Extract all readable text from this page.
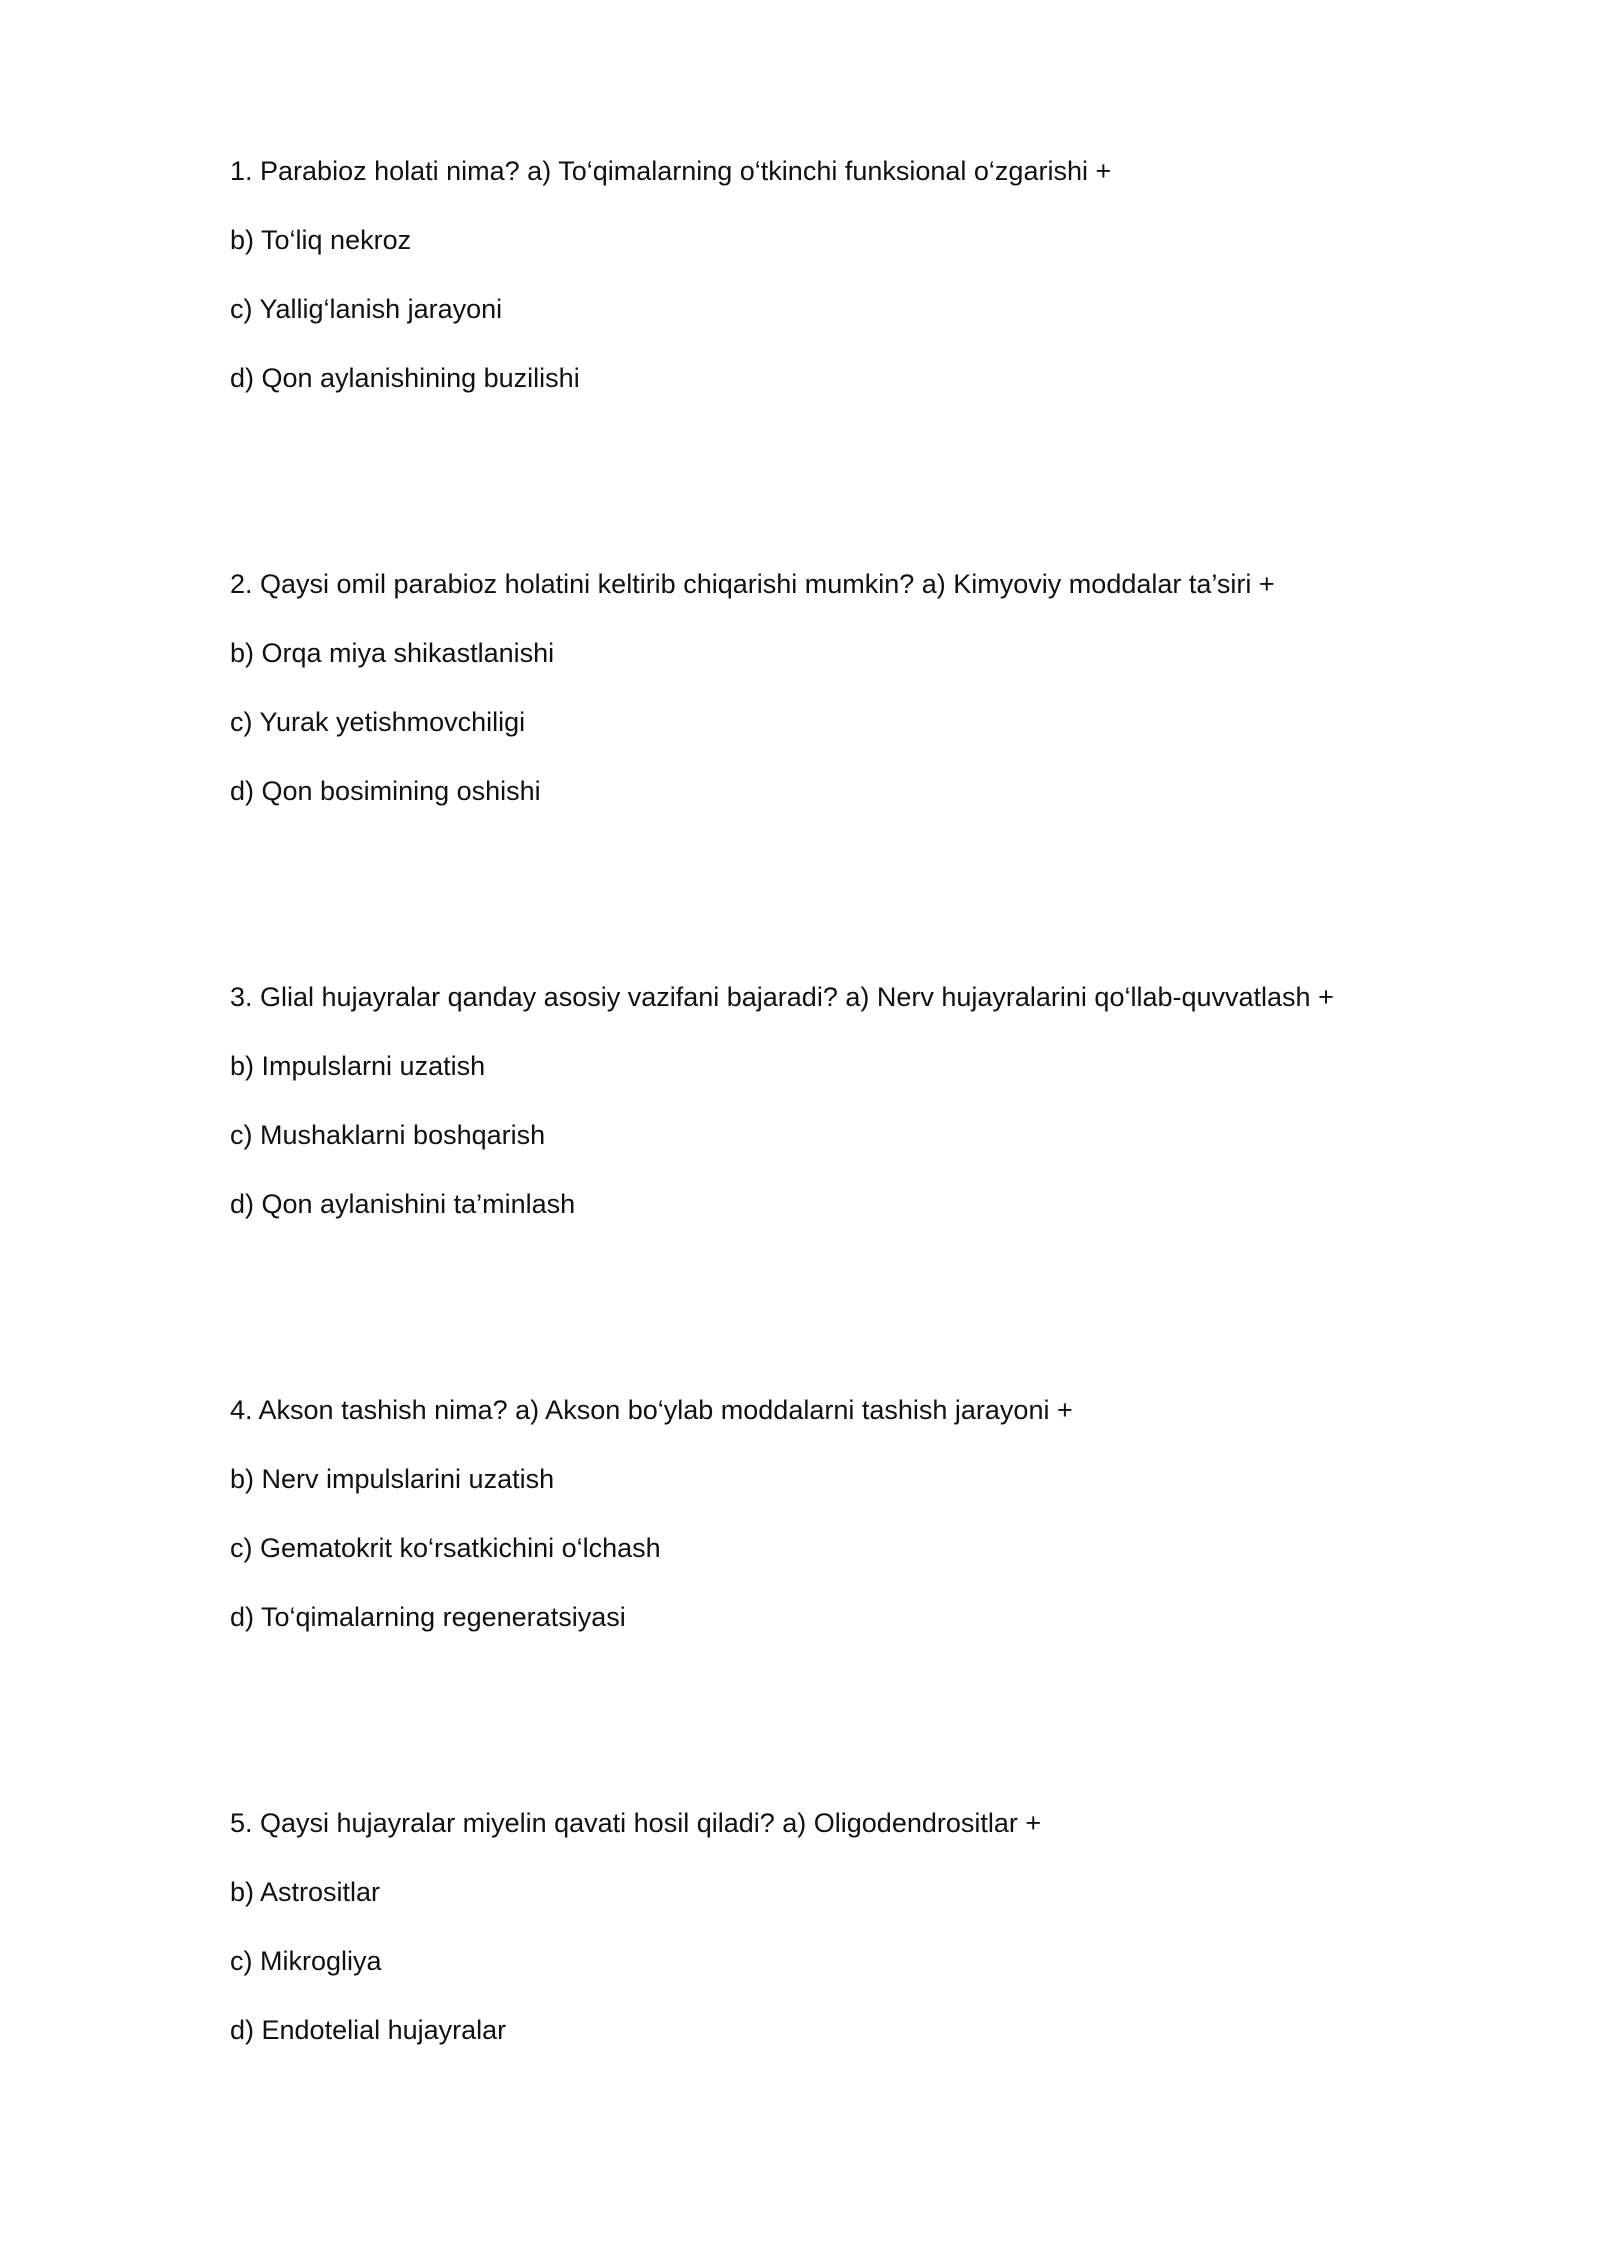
1. Parabioz holati nima? a) To‘qimalarning o‘tkinchi funksional o‘zgarishi +

b) To‘liq nekroz

c) Yallig‘lanish jarayoni

d) Qon aylanishining buzilishi

2. Qaysi omil parabioz holatini keltirib chiqarishi mumkin? a) Kimyoviy moddalar ta’siri +

b) Orqa miya shikastlanishi

c) Yurak yetishmovchiligi

d) Qon bosimining oshishi

3. Glial hujayralar qanday asosiy vazifani bajaradi? a) Nerv hujayralarini qo‘llab-quvvatlash +

b) Impulslarni uzatish

c) Mushaklarni boshqarish

d) Qon aylanishini ta’minlash

4. Akson tashish nima? a) Akson bo‘ylab moddalarni tashish jarayoni +

b) Nerv impulslarini uzatish

c) Gematokrit ko‘rsatkichini o‘lchash

d) To‘qimalarning regeneratsiyasi

5. Qaysi hujayralar miyelin qavati hosil qiladi? a) Oligodendrositlar +

b) Astrositlar

c) Mikrogliya

d) Endotelial hujayralar
